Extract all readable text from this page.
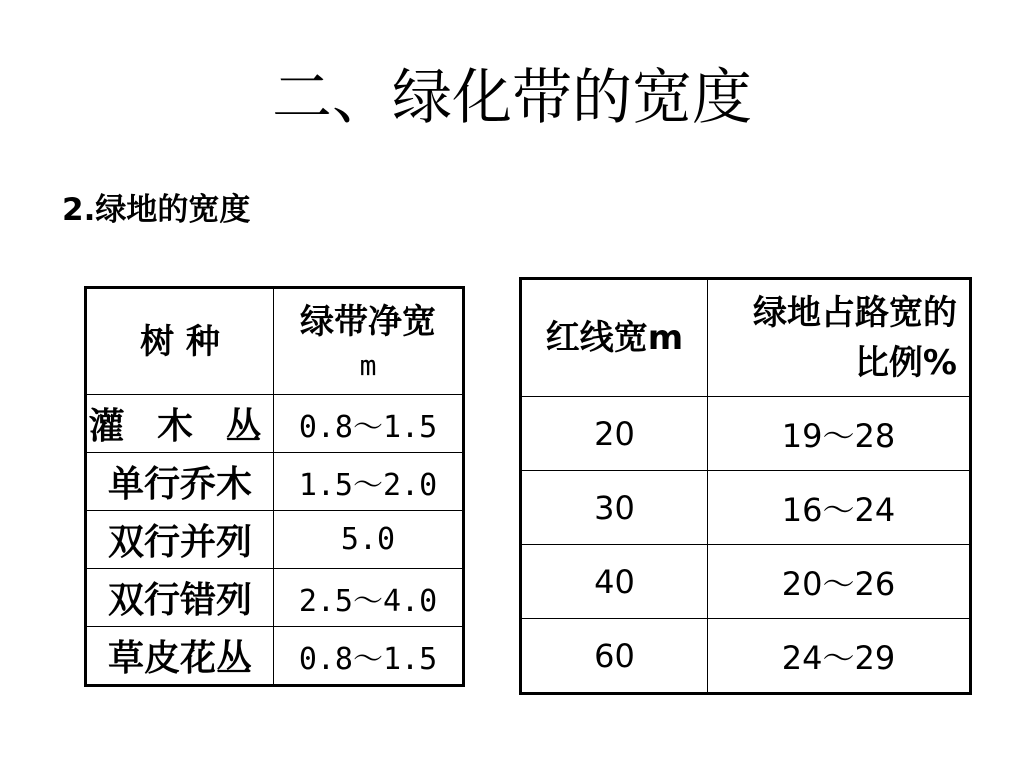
二、绿化带的宽度
2.绿地的宽度
树 种	绿带净宽
m

灌 木 丛	0.8～1.5
单行乔木	1.5～2.0
双行并列	5.0
双行错列	2.5～4.0
草皮花丛	0.8～1.5
红线宽m	绿地占路宽的
比例%

20	19～28
30	16～24
40	20～26
60	24～29
